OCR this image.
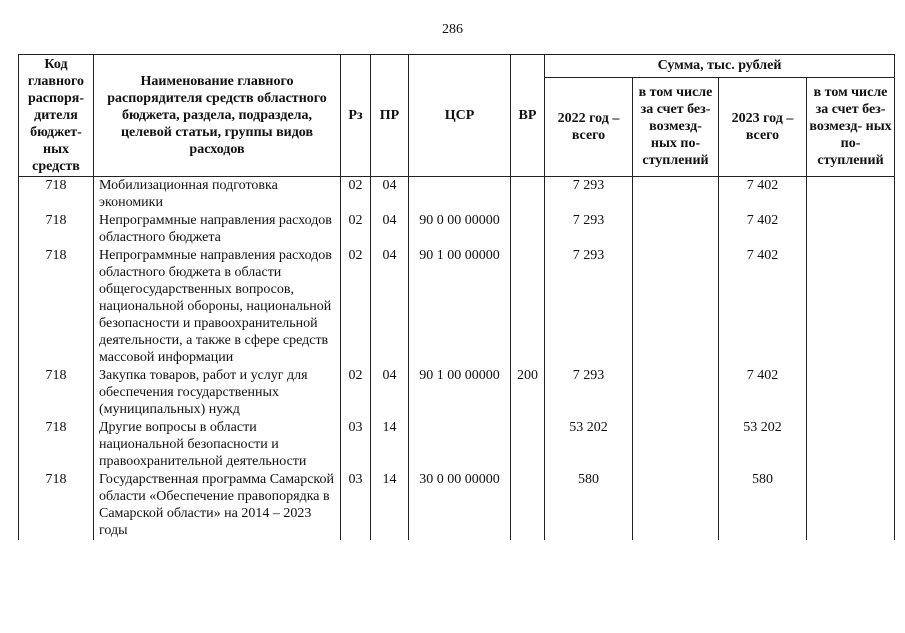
286
Код главного распоря- дителя бюджет- ных средств	Наименование главного распорядителя средств областного бюджета, раздела, подраздела, целевой статьи, группы видов расходов	Рз	ПР	ЦСР	ВР	Сумма, тыс. рублей			
						2022 год – всего	в том числе за счет без- возмезд- ных по- ступлений	2023 год – всего	в том числе за счет без- возмезд- ных по- ступлений
718	Мобилизационная подготовка экономики	02	04			7 293		7 402	
718	Непрограммные направления расходов областного бюджета	02	04	90 0 00 00000		7 293		7 402	
718	Непрограммные направления расходов областного бюджета в области общегосударственных вопросов, национальной обороны, национальной безопасности и правоохранительной деятельности, а также в сфере средств массовой информации	02	04	90 1 00 00000		7 293		7 402	
718	Закупка товаров, работ и услуг для обеспечения государственных (муниципальных) нужд	02	04	90 1 00 00000	200	7 293		7 402	
718	Другие вопросы в области национальной безопасности и правоохранительной деятельности	03	14			53 202		53 202	
718	Государственная программа Самарской области «Обеспечение правопорядка в Самарской области» на 2014 – 2023 годы	03	14	30 0 00 00000		580		580	
